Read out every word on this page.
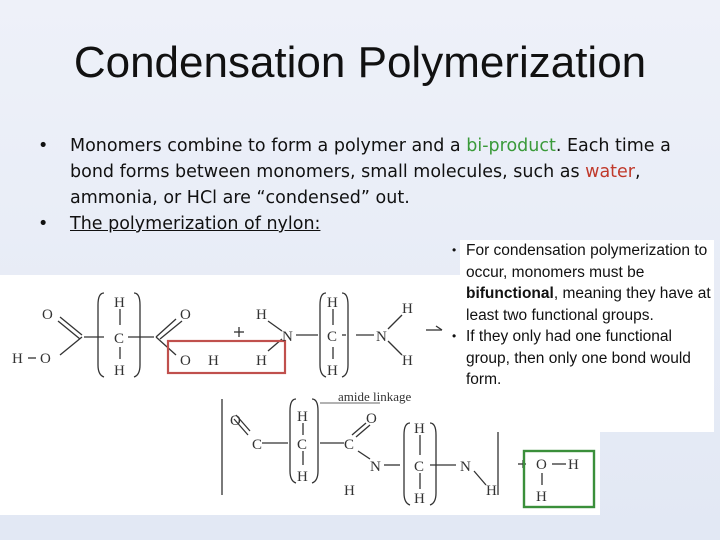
Condensation Polymerization
• Monomers combine to form a polymer and a bi-product. Each time a bond forms between monomers, small molecules, such as water, ammonia, or HCl are “condensed” out.
• The polymerization of nylon:
O
H O
H
C
H
O
O H
H
H
N
H
C
H
N
H
H
O
C
H
C
H
C
O
N
H
H
C
H
N
H
O H
H
amide linkage
• For condensation polymerization to occur, monomers must be bifunctional, meaning they have at least two functional groups.
• If they only had one functional group, then only one bond would form.
